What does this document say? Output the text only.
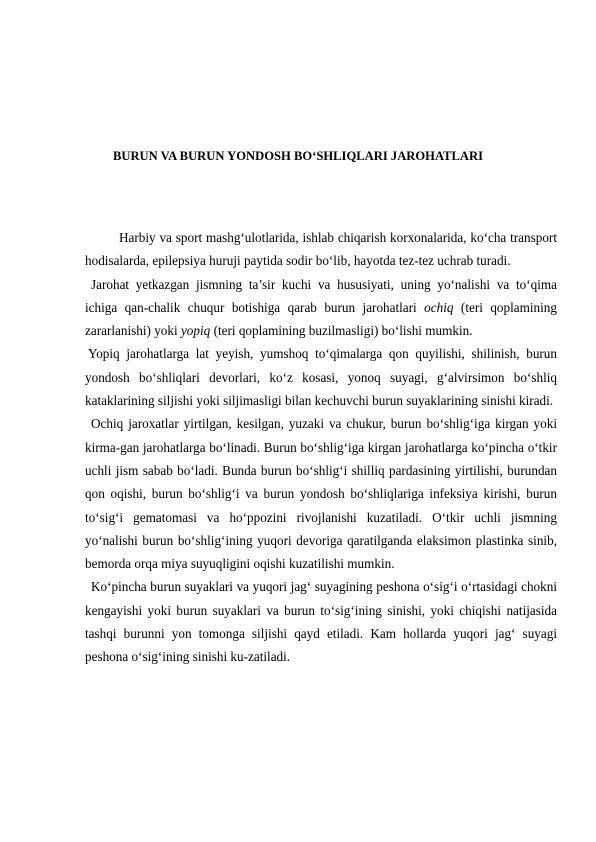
BURUN VA BURUN YONDOSH BO‘SHLIQLARI JAROHATLARI

Harbiy va sport mashg‘ulotlarida, ishlab chiqarish korxonalarida, ko‘cha transport hodisalarda, epilepsiya huruji paytida sodir bo‘lib, hayotda tez-tez uchrab turadi.

Jarohat yetkazgan jismning ta’sir kuchi va hususiyati, uning yo‘nalishi va to‘qima ichiga qan-chalik chuqur botishiga qarab burun jarohatlari ochiq (teri qoplamining zararlanishi) yoki yopiq (teri qoplamining buzilmasligi) bo‘lishi mumkin.

Yopiq jarohatlarga lat yeyish, yumshoq to‘qimalarga qon quyilishi, shilinish, burun yondosh bo‘shliqlari devorlari, ko‘z kosasi, yonoq suyagi, g‘alvirsimon bo‘shliq kataklarining siljishi yoki siljimasligi bilan kechuvchi burun suyaklarining sinishi kiradi.

Ochiq jaroxatlar yirtilgan, kesilgan, yuzaki va chukur, burun bo‘shlig‘iga kirgan yoki kirma-gan jarohatlarga bo‘linadi. Burun bo‘shlig‘iga kirgan jarohatlarga ko‘pincha o‘tkir uchli jism sabab bo‘ladi. Bunda burun bo‘shlig‘i shilliq pardasining yirtilishi, burundan qon oqishi, burun bo‘shlig‘i va burun yondosh bo‘shliqlariga infeksiya kirishi, burun to‘sig‘i gematomasi va ho‘ppozini rivojlanishi kuzatiladi. O‘tkir uchli jismning yo‘nalishi burun bo‘shlig‘ining yuqori devoriga qaratilganda elaksimon plastinka sinib, bemorda orqa miya suyuqligini oqishi kuzatilishi mumkin.

Ko‘pincha burun suyaklari va yuqori jag‘ suyagining peshona o‘sig‘i o‘rtasidagi chokni kengayishi yoki burun suyaklari va burun to‘sig‘ining sinishi, yoki chiqishi natijasida tashqi burunni yon tomonga siljishi qayd etiladi. Kam hollarda yuqori jag‘ suyagi peshona o‘sig‘ining sinishi ku-zatiladi.
